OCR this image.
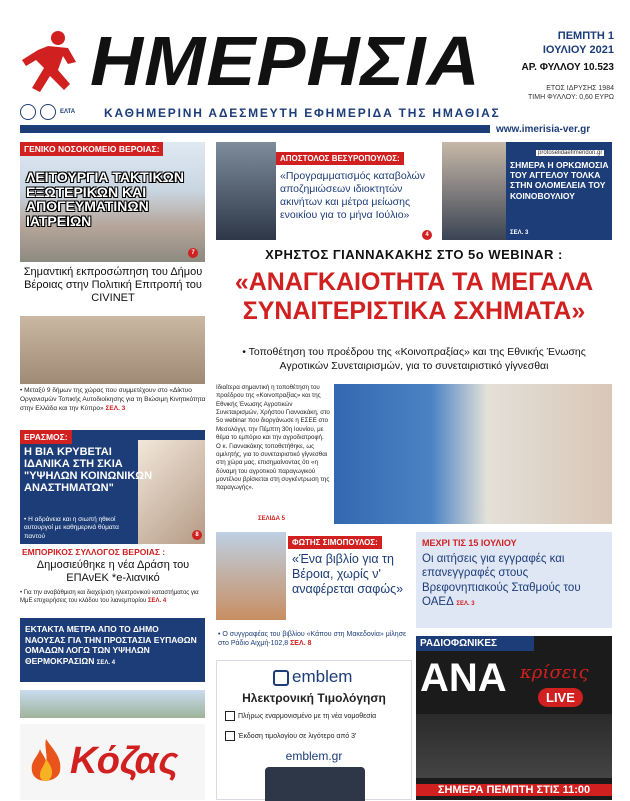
ΗΜΕΡΗΣΙΑ	ΠΕΜΠΤΗ 1
ΙΟΥΛΙΟΥ 2021
ΑΡ. ΦΥΛΛΟΥ 10.523
ΕΤΟΣ ΙΔΡΥΣΗΣ 1984
ΤΙΜΗ ΦΥΛΛΟΥ: 0,60 ΕΥΡΩ
ΕΛΤΑ ΚΑΘΗΜΕΡΙΝΗ ΑΔΕΣΜΕΥΤΗ ΕΦΗΜΕΡΙΔΑ ΤΗΣ ΗΜΑΘΙΑΣ
www.imerisia-ver.gr
ΓΕΝΙΚΟ ΝΟΣΟΚΟΜΕΙΟ ΒΕΡΟΙΑΣ:
ΛΕΙΤΟΥΡΓΙΑ ΤΑΚΤΙΚΩΝ ΕΞΩΤΕΡΙΚΩΝ ΚΑΙ ΑΠΟΓΕΥΜΑΤΙΝΩΝ ΙΑΤΡΕΙΩΝ
7
Σημαντική εκπροσώπηση του Δήμου Βέροιας στην Πολιτική Επιτροπή του CIVINET
• Μεταξύ 9 δήμων της χώρας που συμμετέχουν στο «Δίκτυο Οργανισμών Τοπικής Αυτοδιοίκησης για τη Βιώσιμη Κινητικότητα στην Ελλάδα και την Κύπρο» ΣΕΛ. 3
ΕΡΑΣΜΟΣ:
Η ΒΙΑ ΚΡΥΒΕΤΑΙ ΙΔΑΝΙΚΑ ΣΤΗ ΣΚΙΑ "ΥΨΗΛΩΝ ΚΟΙΝΩΝΙΚΩΝ ΑΝΑΣΤΗΜΑΤΩΝ"
• Η αδράνεια και η σιωπή ηθικοί αυτουργοί με καθημερινά θύματα παντού	8
ΕΜΠΟΡΙΚΟΣ ΣΥΛΛΟΓΟΣ ΒΕΡΟΙΑΣ :
Δημοσιεύθηκε η νέα Δράση του ΕΠΑνΕΚ *e-λιανικό
• Για την αναβάθμιση και διαχείριση ηλεκτρονικού καταστήματος για ΜμΕ επιχειρήσεις του κλάδου του λιανεμπορίου ΣΕΛ. 4
ΕΚΤΑΚΤΑ ΜΕΤΡΑ ΑΠΟ ΤΟ ΔΗΜΟ ΝΑΟΥΣΑΣ ΓΙΑ ΤΗΝ ΠΡΟΣΤΑΣΙΑ ΕΥΠΑΘΩΝ ΟΜΑΔΩΝ ΛΟΓΩ ΤΩΝ ΥΨΗΛΩΝ ΘΕΡΜΟΚΡΑΣΙΩΝ ΣΕΛ. 4
Κόζας
ΑΠΟΣΤΟΛΟΣ ΒΕΣΥΡΟΠΟΥΛΟΣ:
«Προγραμματισμός καταβολών αποζημιώσεων ιδιοκτητών ακινήτων και μέτρα μείωσης ενοικίου για το μήνα Ιούλιο»
4
protoselidaefimeridon.gr
ΣΗΜΕΡΑ Η ΟΡΚΩΜΟΣΙΑ ΤΟΥ ΑΓΓΕΛΟΥ ΤΟΛΚΑ ΣΤΗΝ ΟΛΟΜΕΛΕΙΑ ΤΟΥ ΚΟΙΝΟΒΟΥΛΙΟΥ
ΣΕΛ. 3
ΧΡΗΣΤΟΣ ΓΙΑΝΝΑΚΑΚΗΣ ΣΤΟ 5ο WEBINAR :
«ΑΝΑΓΚΑΙΟΤΗΤΑ ΤΑ ΜΕΓΑΛΑ
ΣΥΝΑΙΤΕΡΙΣΤΙΚΑ ΣΧΗΜΑΤΑ»
• Τοποθέτηση του προέδρου της «Κοινοπραξίας» και της Εθνικής Ένωσης Αγροτικών Συνεταιρισμών, για το συνεταιριστικό γίγνεσθαι
Ιδιαίτερα σημαντική η τοποθέτηση του προέδρου της «Κοινοπραξίας» και της Εθνικής Ένωσης Αγροτικών Συνεταιρισμών, Χρήστου Γιαννακάκη, στο 5ο webinar που διοργάνωσε η ΕΣΕΕ στο Μεσολόγγι, την Πέμπτη 30η Ιουνίου, με θέμα το εμπόριο και την αγροδιατροφή. Ο κ. Γιαννακάκης τοποθετήθηκε, ως ομιλητής, για το συνεταιριστικό γίγνεσθαι στη χώρα μας, επισημαίνοντας ότι «η δύναμη του αγροτικού παραγωγικού μοντέλου βρίσκεται στη συγκέντρωση της παραγωγής».
ΣΕΛΙΔΑ 5
ΦΩΤΗΣ ΣΙΜΟΠΟΥΛΟΣ:
«Ένα βιβλίο για τη Βέροια, χωρίς ν' αναφέρεται σαφώς»
• Ο συγγραφέας του βιβλίου «Κάπου στη Μακεδονία» μίλησε στο Ράδιο Αιχμή-102,8 ΣΕΛ. 8
ΜΕΧΡΙ ΤΙΣ 15 ΙΟΥΛΙΟΥ
Οι αιτήσεις για εγγραφές και επανεγγραφές στους Βρεφονηπιακούς Σταθμούς του ΟΑΕΔ ΣΕΛ. 3
emblem
Ηλεκτρονική Τιμολόγηση
Πλήρως εναρμονισμένο με τη νέα νομοθεσία
Έκδοση τιμολογίου σε λιγότερο από 3'
emblem.gr
ΡΑΔΙΟΦΩΝΙΚΕΣ
ΑΝΑ κρίσεις
LIVE
ΣΗΜΕΡΑ ΠΕΜΠΤΗ ΣΤΙΣ 11:00
